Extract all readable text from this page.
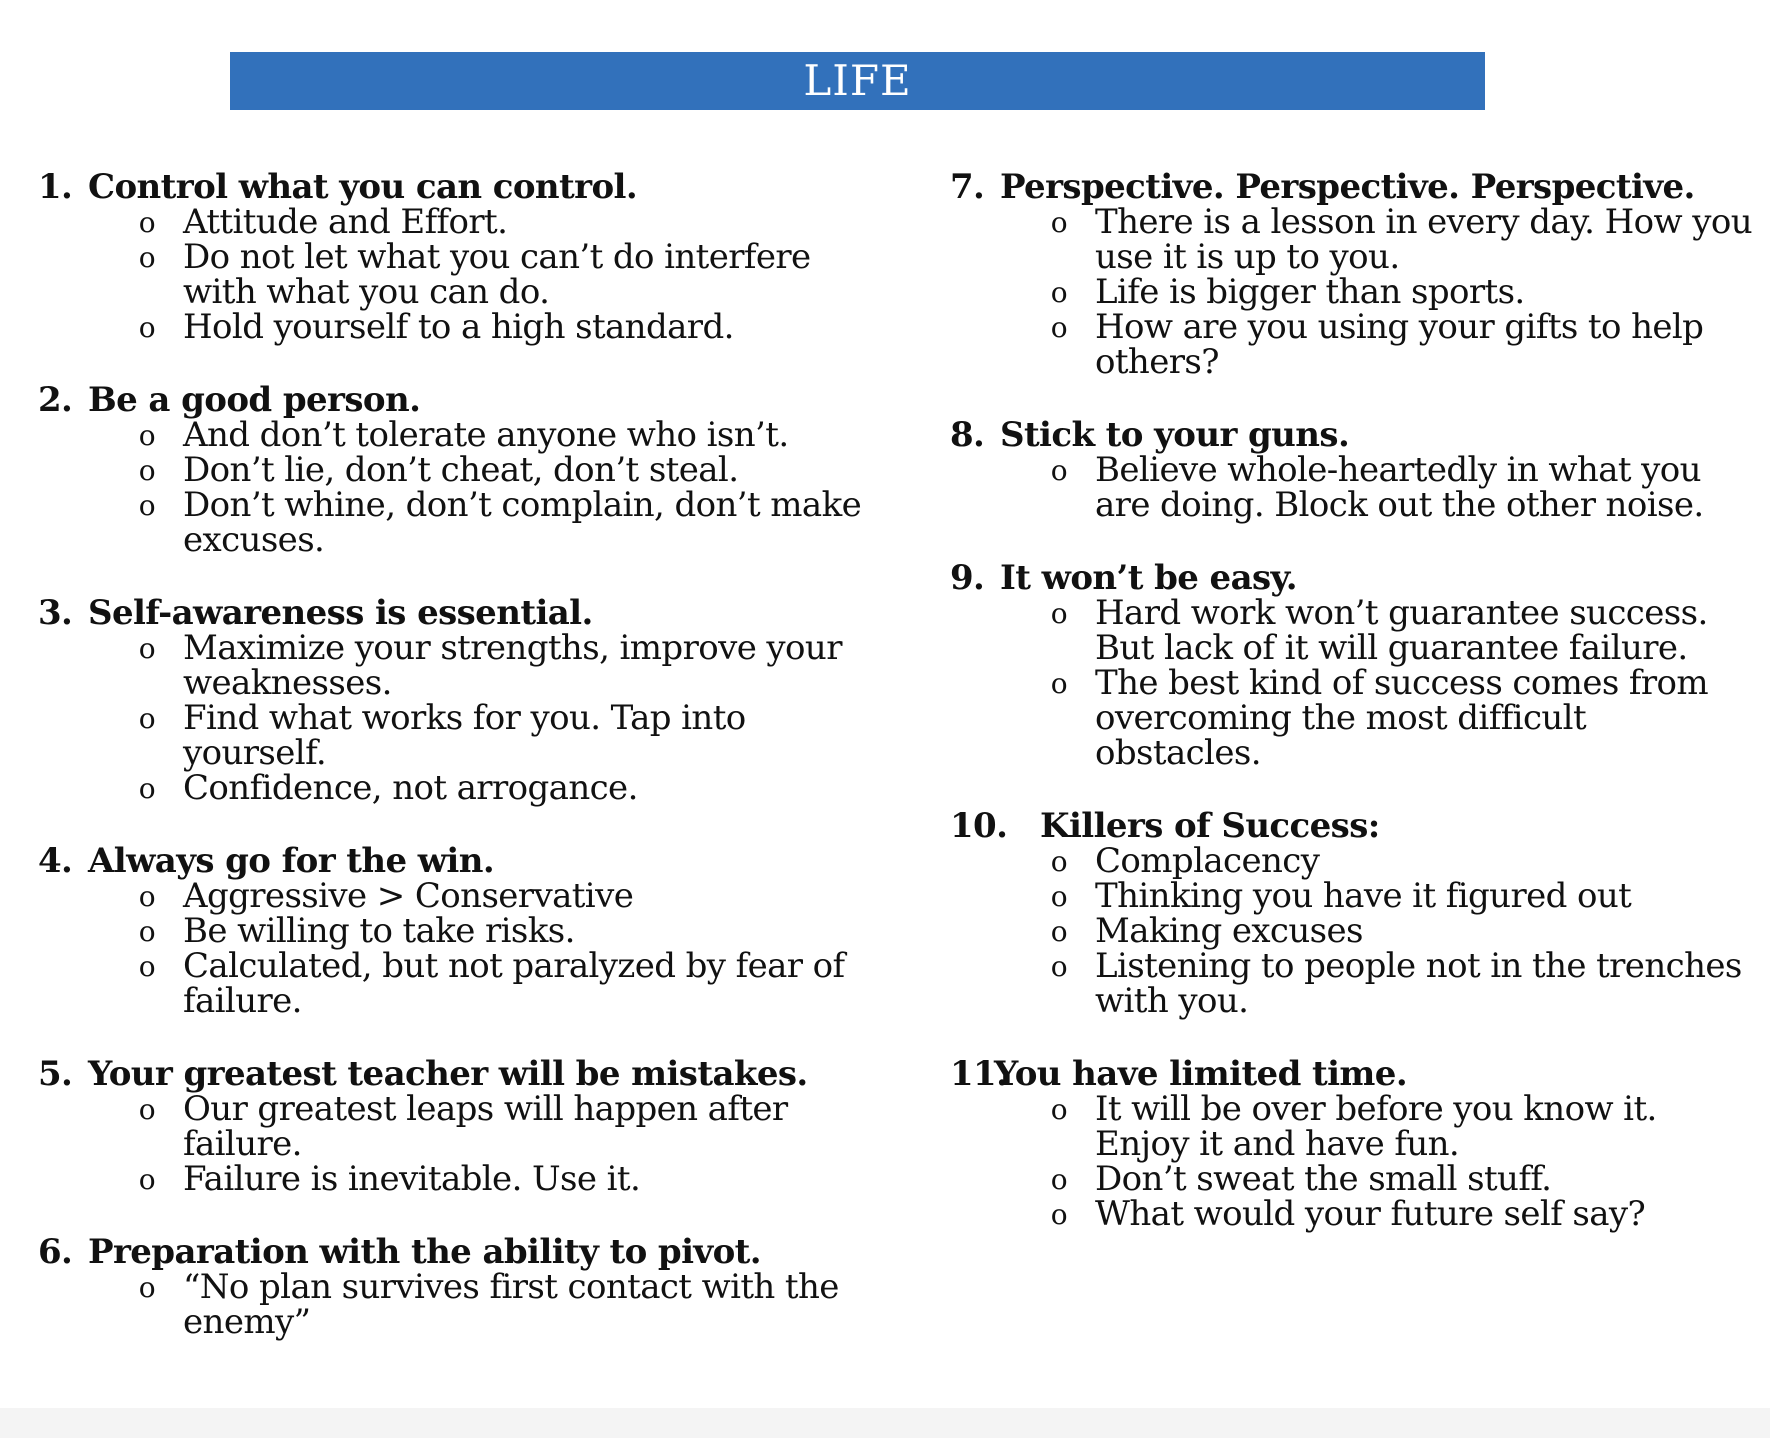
LIFE
1. Control what you can control.
o Attitude and Effort.
o Do not let what you can’t do interfere with what you can do.
o Hold yourself to a high standard.
2. Be a good person.
o And don’t tolerate anyone who isn’t.
o Don’t lie, don’t cheat, don’t steal.
o Don’t whine, don’t complain, don’t make excuses.
3. Self-awareness is essential.
o Maximize your strengths, improve your weaknesses.
o Find what works for you. Tap into yourself.
o Confidence, not arrogance.
4. Always go for the win.
o Aggressive > Conservative
o Be willing to take risks.
o Calculated, but not paralyzed by fear of failure.
5. Your greatest teacher will be mistakes.
o Our greatest leaps will happen after failure.
o Failure is inevitable. Use it.
6. Preparation with the ability to pivot.
o “No plan survives first contact with the enemy”
7. Perspective. Perspective. Perspective.
o There is a lesson in every day. How you use it is up to you.
o Life is bigger than sports.
o How are you using your gifts to help others?
8. Stick to your guns.
o Believe whole-heartedly in what you are doing. Block out the other noise.
9. It won’t be easy.
o Hard work won’t guarantee success. But lack of it will guarantee failure.
o The best kind of success comes from overcoming the most difficult obstacles.
10. Killers of Success:
o Complacency
o Thinking you have it figured out
o Making excuses
o Listening to people not in the trenches with you.
11.
You have limited time.
o It will be over before you know it. Enjoy it and have fun.
o Don’t sweat the small stuff.
o What would your future self say?
